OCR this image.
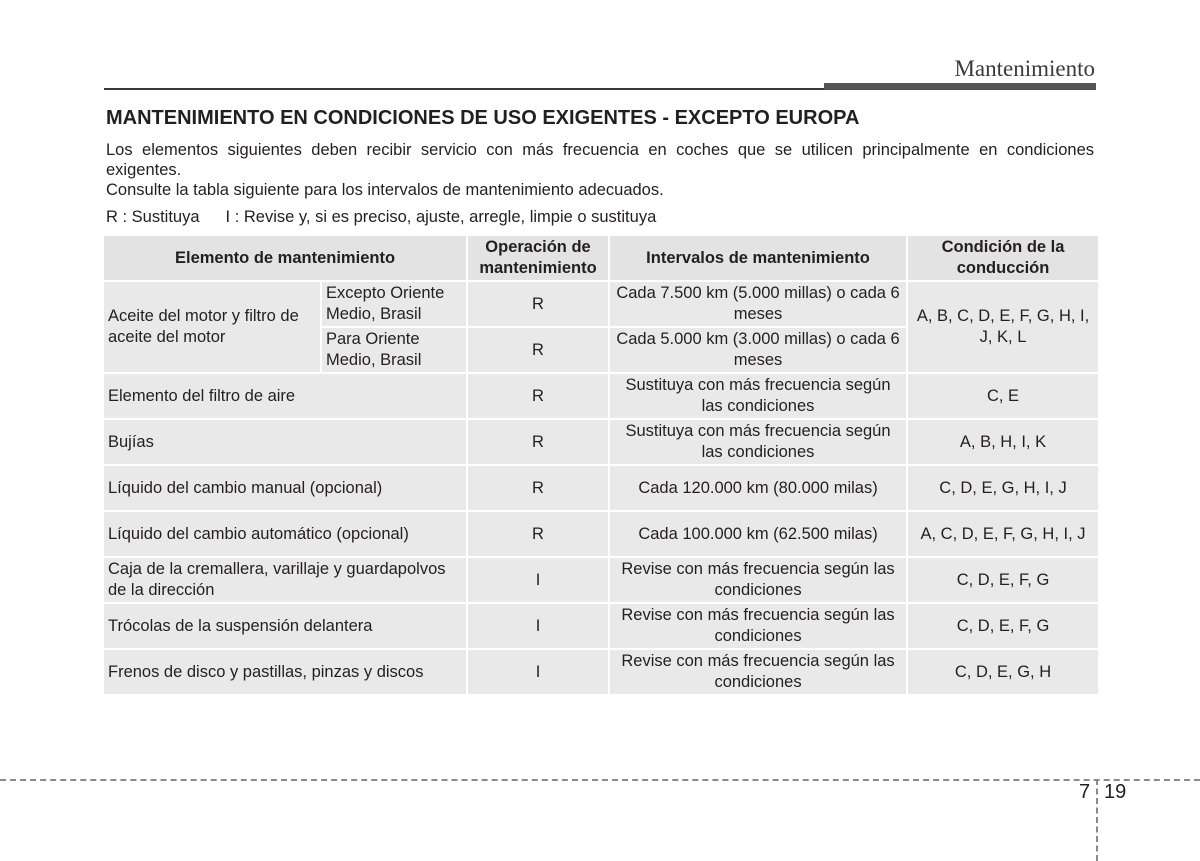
Mantenimiento
MANTENIMIENTO EN CONDICIONES DE USO EXIGENTES - EXCEPTO EUROPA

Los elementos siguientes deben recibir servicio con más frecuencia en coches que se utilicen principalmente en condiciones exigentes.

Consulte la tabla siguiente para los intervalos de mantenimiento adecuados.

R : Sustituya I : Revise y, si es preciso, ajuste, arregle, limpie o sustituya
Elemento de mantenimiento		Operación de mantenimiento	Intervalos de mantenimiento	Condición de la conducción
Aceite del motor y filtro de aceite del motor	Excepto Oriente Medio, Brasil	R	Cada 7.500 km (5.000 millas) o cada 6 meses	A, B, C, D, E, F, G, H, I, J, K, L
	Para Oriente Medio, Brasil	R	Cada 5.000 km (3.000 millas) o cada 6 meses	
Elemento del filtro de aire		R	Sustituya con más frecuencia según las condiciones	C, E
Bujías		R	Sustituya con más frecuencia según las condiciones	A, B, H, I, K
Líquido del cambio manual (opcional)		R	Cada 120.000 km (80.000 milas)	C, D, E, G, H, I, J
Líquido del cambio automático (opcional)		R	Cada 100.000 km (62.500 milas)	A, C, D, E, F, G, H, I, J
Caja de la cremallera, varillaje y guardapolvos de la dirección		I	Revise con más frecuencia según las condiciones	C, D, E, F, G
Trócolas de la suspensión delantera		I	Revise con más frecuencia según las condiciones	C, D, E, F, G
Frenos de disco y pastillas, pinzas y discos		I	Revise con más frecuencia según las condiciones	C, D, E, G, H
7 19
